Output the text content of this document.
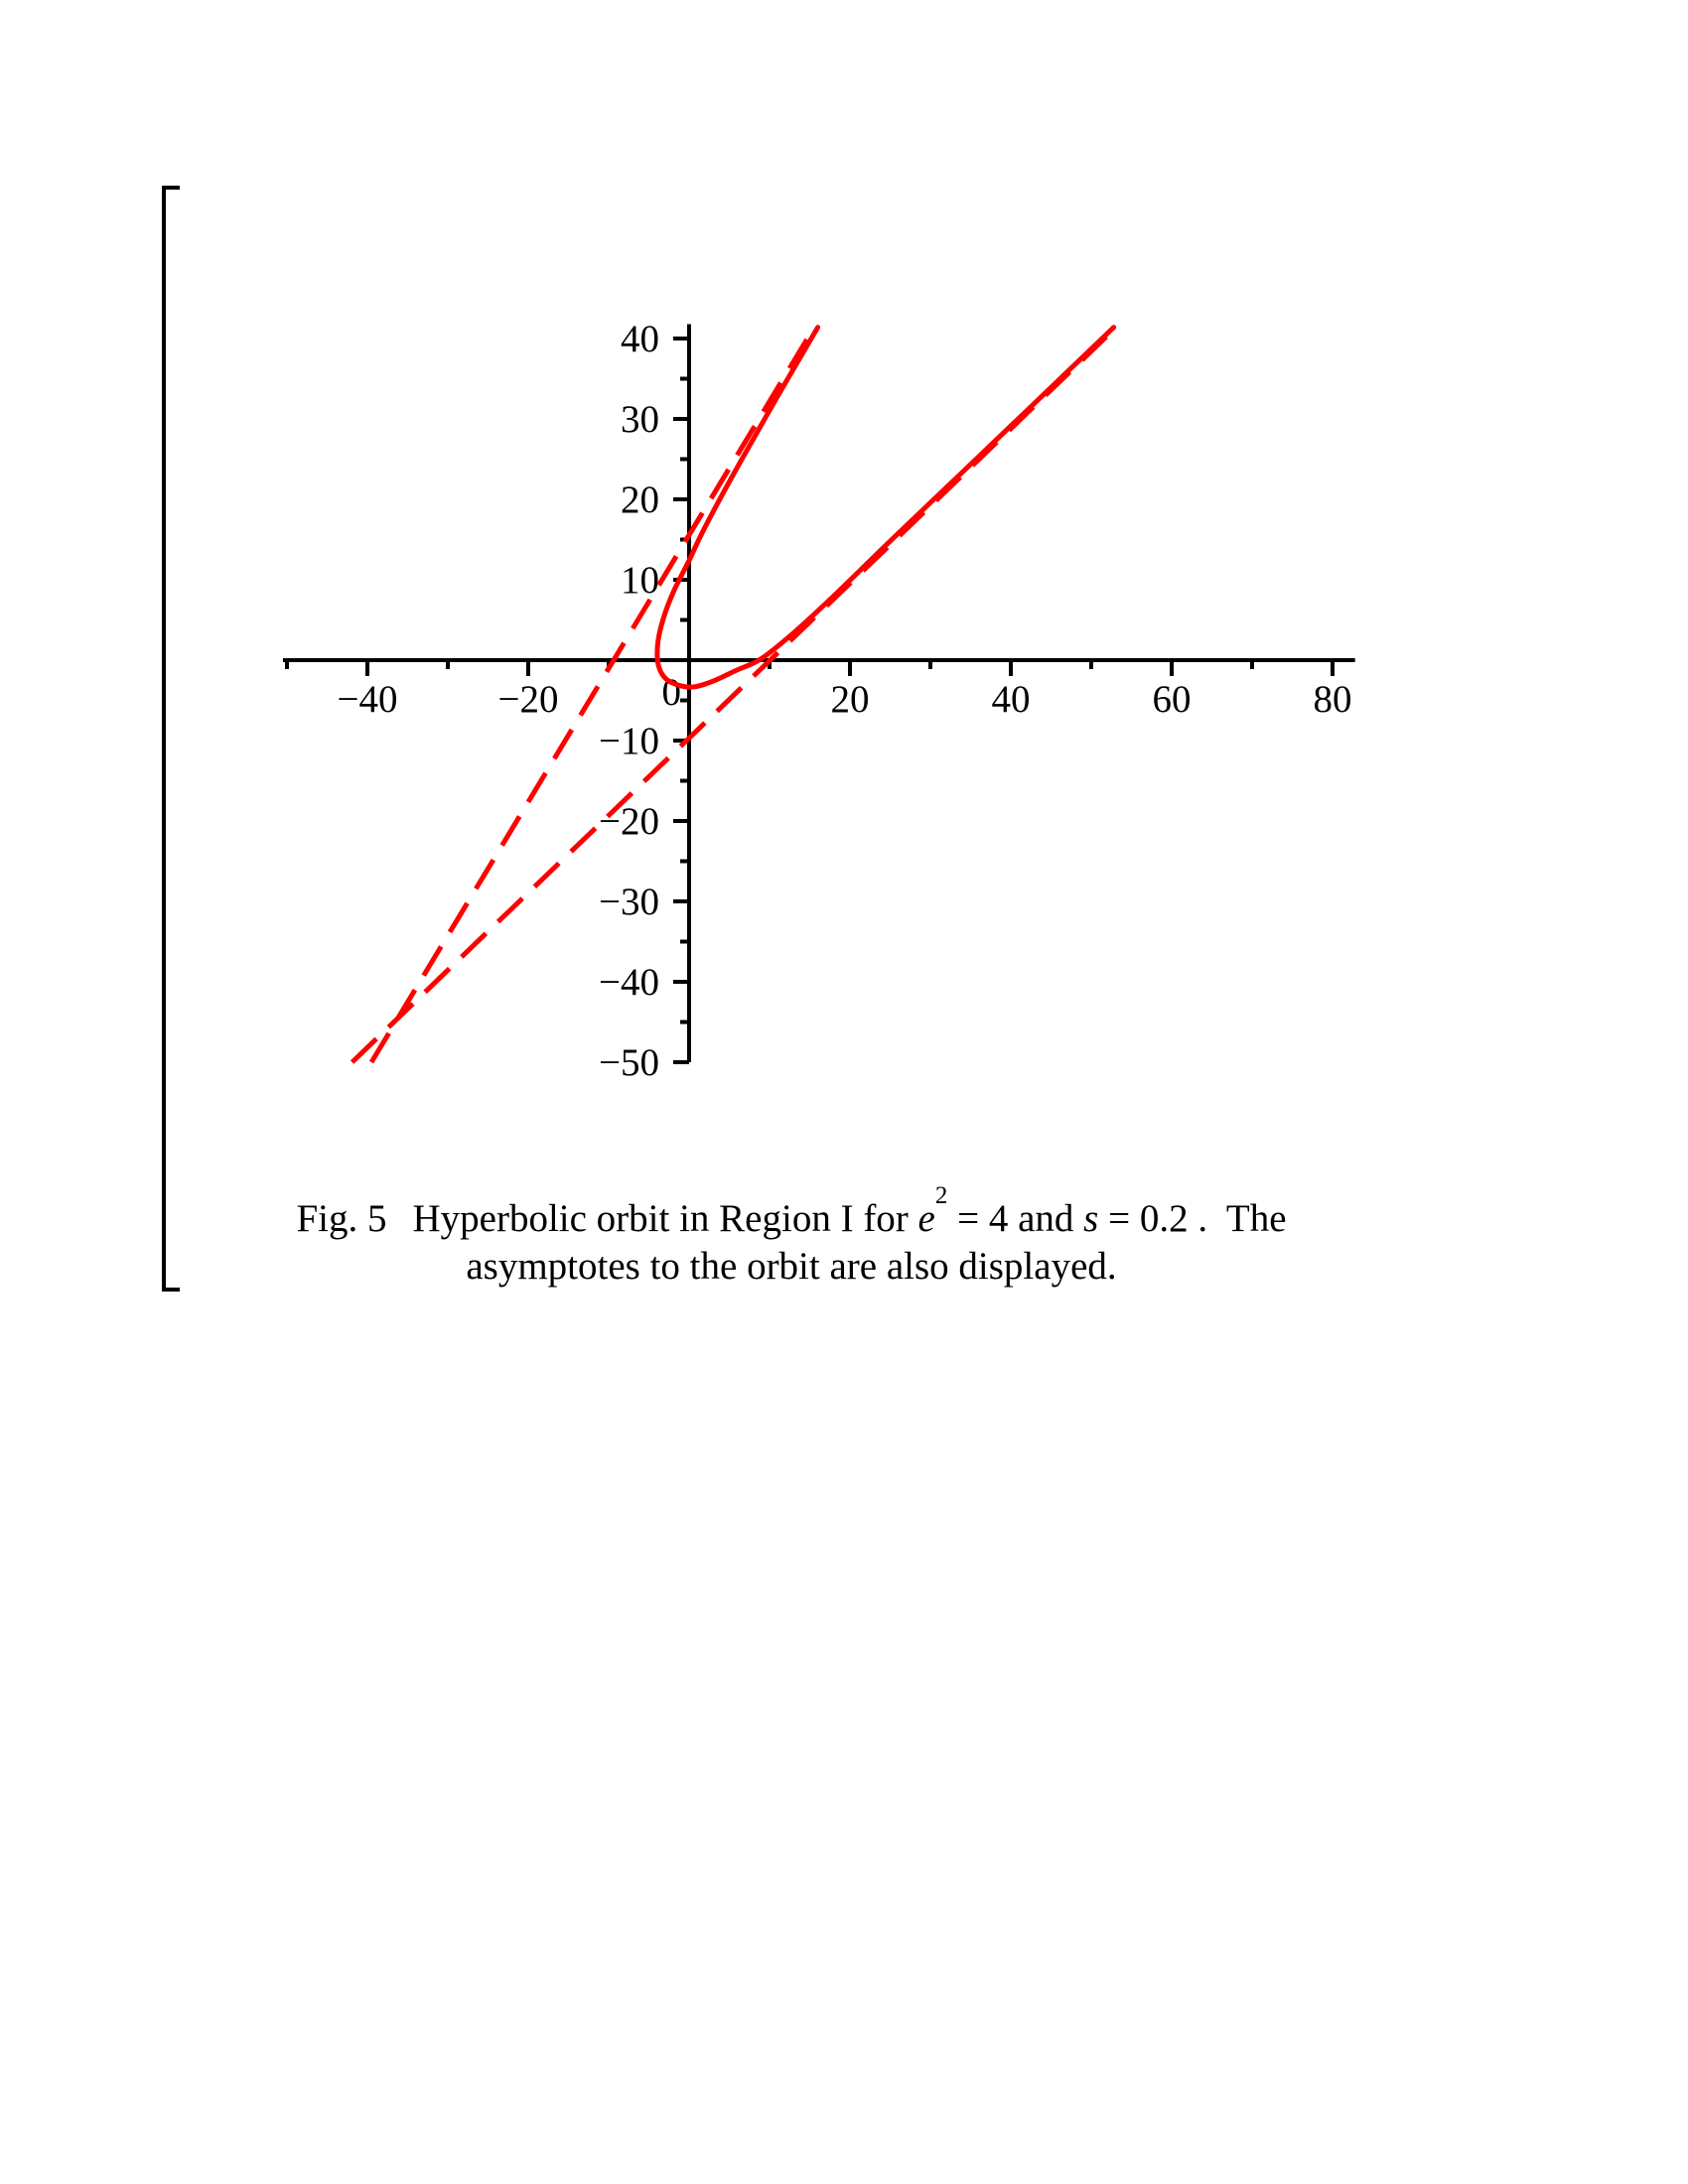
−40	−20	20	40	60	80
40
30
20
10
−10
−20
−30
−40
−50
0
Fig. 5 Hyperbolic orbit in Region I for $e^2 = 4$ and s = 0.2 .  The
asymptotes to the orbit are also displayed.
